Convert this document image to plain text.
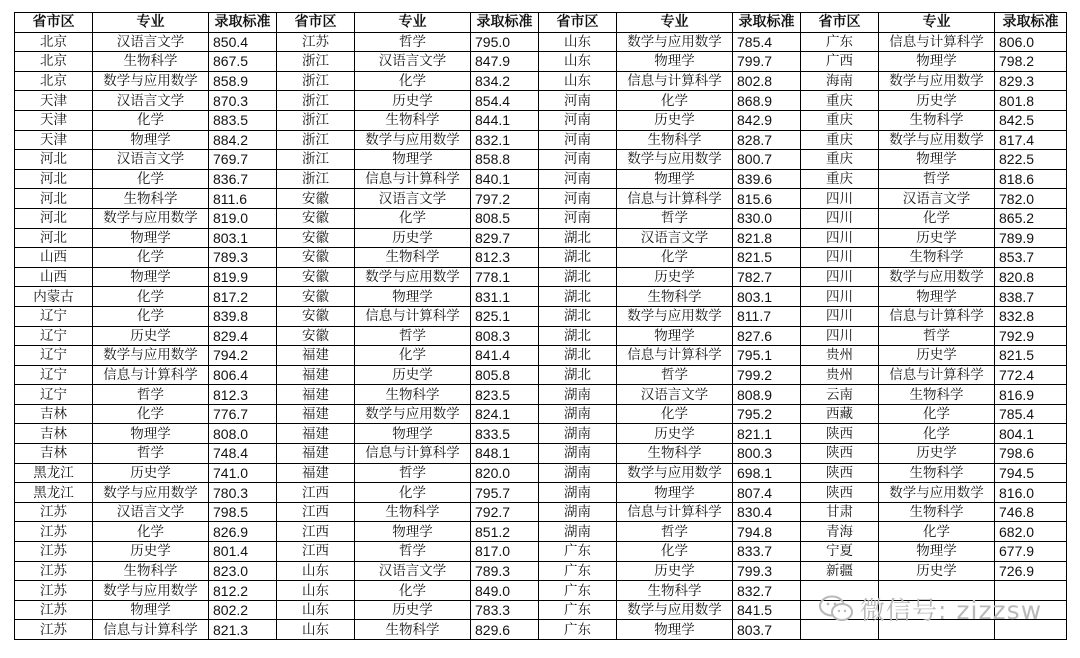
省市区	专业	录取标准	省市区	专业	录取标准	省市区	专业	录取标准	省市区	专业	录取标准
北京	汉语言文学	850.4	江苏	哲学	795.0	山东	数学与应用数学	785.4	广东	信息与计算科学	806.0
北京	生物科学	867.5	浙江	汉语言文学	847.9	山东	物理学	799.7	广西	物理学	798.2
北京	数学与应用数学	858.9	浙江	化学	834.2	山东	信息与计算科学	802.8	海南	数学与应用数学	829.3
天津	汉语言文学	870.3	浙江	历史学	854.4	河南	化学	868.9	重庆	历史学	801.8
天津	化学	883.5	浙江	生物科学	844.1	河南	历史学	842.9	重庆	生物科学	842.5
天津	物理学	884.2	浙江	数学与应用数学	832.1	河南	生物科学	828.7	重庆	数学与应用数学	817.4
河北	汉语言文学	769.7	浙江	物理学	858.8	河南	数学与应用数学	800.7	重庆	物理学	822.5
河北	化学	836.7	浙江	信息与计算科学	840.1	河南	物理学	839.6	重庆	哲学	818.6
河北	生物科学	811.6	安徽	汉语言文学	797.2	河南	信息与计算科学	815.6	四川	汉语言文学	782.0
河北	数学与应用数学	819.0	安徽	化学	808.5	河南	哲学	830.0	四川	化学	865.2
河北	物理学	803.1	安徽	历史学	829.7	湖北	汉语言文学	821.8	四川	历史学	789.9
山西	化学	789.3	安徽	生物科学	812.3	湖北	化学	821.5	四川	生物科学	853.7
山西	物理学	819.9	安徽	数学与应用数学	778.1	湖北	历史学	782.7	四川	数学与应用数学	820.8
内蒙古	化学	817.2	安徽	物理学	831.1	湖北	生物科学	803.1	四川	物理学	838.7
辽宁	化学	839.8	安徽	信息与计算科学	825.1	湖北	数学与应用数学	811.7	四川	信息与计算科学	832.8
辽宁	历史学	829.4	安徽	哲学	808.3	湖北	物理学	827.6	四川	哲学	792.9
辽宁	数学与应用数学	794.2	福建	化学	841.4	湖北	信息与计算科学	795.1	贵州	历史学	821.5
辽宁	信息与计算科学	806.4	福建	历史学	805.8	湖北	哲学	799.2	贵州	信息与计算科学	772.4
辽宁	哲学	812.3	福建	生物科学	823.5	湖南	汉语言文学	808.9	云南	生物科学	816.9
吉林	化学	776.7	福建	数学与应用数学	824.1	湖南	化学	795.2	西藏	化学	785.4
吉林	物理学	808.0	福建	物理学	833.5	湖南	历史学	821.1	陕西	化学	804.1
吉林	哲学	748.4	福建	信息与计算科学	848.1	湖南	生物科学	800.3	陕西	历史学	798.6
黑龙江	历史学	741.0	福建	哲学	820.0	湖南	数学与应用数学	698.1	陕西	生物科学	794.5
黑龙江	数学与应用数学	780.3	江西	化学	795.7	湖南	物理学	807.4	陕西	数学与应用数学	816.0
江苏	汉语言文学	798.5	江西	生物科学	792.7	湖南	信息与计算科学	830.4	甘肃	生物科学	746.8
江苏	化学	826.9	江西	物理学	851.2	湖南	哲学	794.8	青海	化学	682.0
江苏	历史学	801.4	江西	哲学	817.0	广东	化学	833.7	宁夏	物理学	677.9
江苏	生物科学	823.0	山东	汉语言文学	789.3	广东	历史学	799.3	新疆	历史学	726.9
江苏	数学与应用数学	812.2	山东	化学	849.0	广东	生物科学	832.7			
江苏	物理学	802.2	山东	历史学	783.3	广东	数学与应用数学	841.5			
江苏	信息与计算科学	821.3	山东	生物科学	829.6	广东	物理学	803.7			
微信号: zizzsw
